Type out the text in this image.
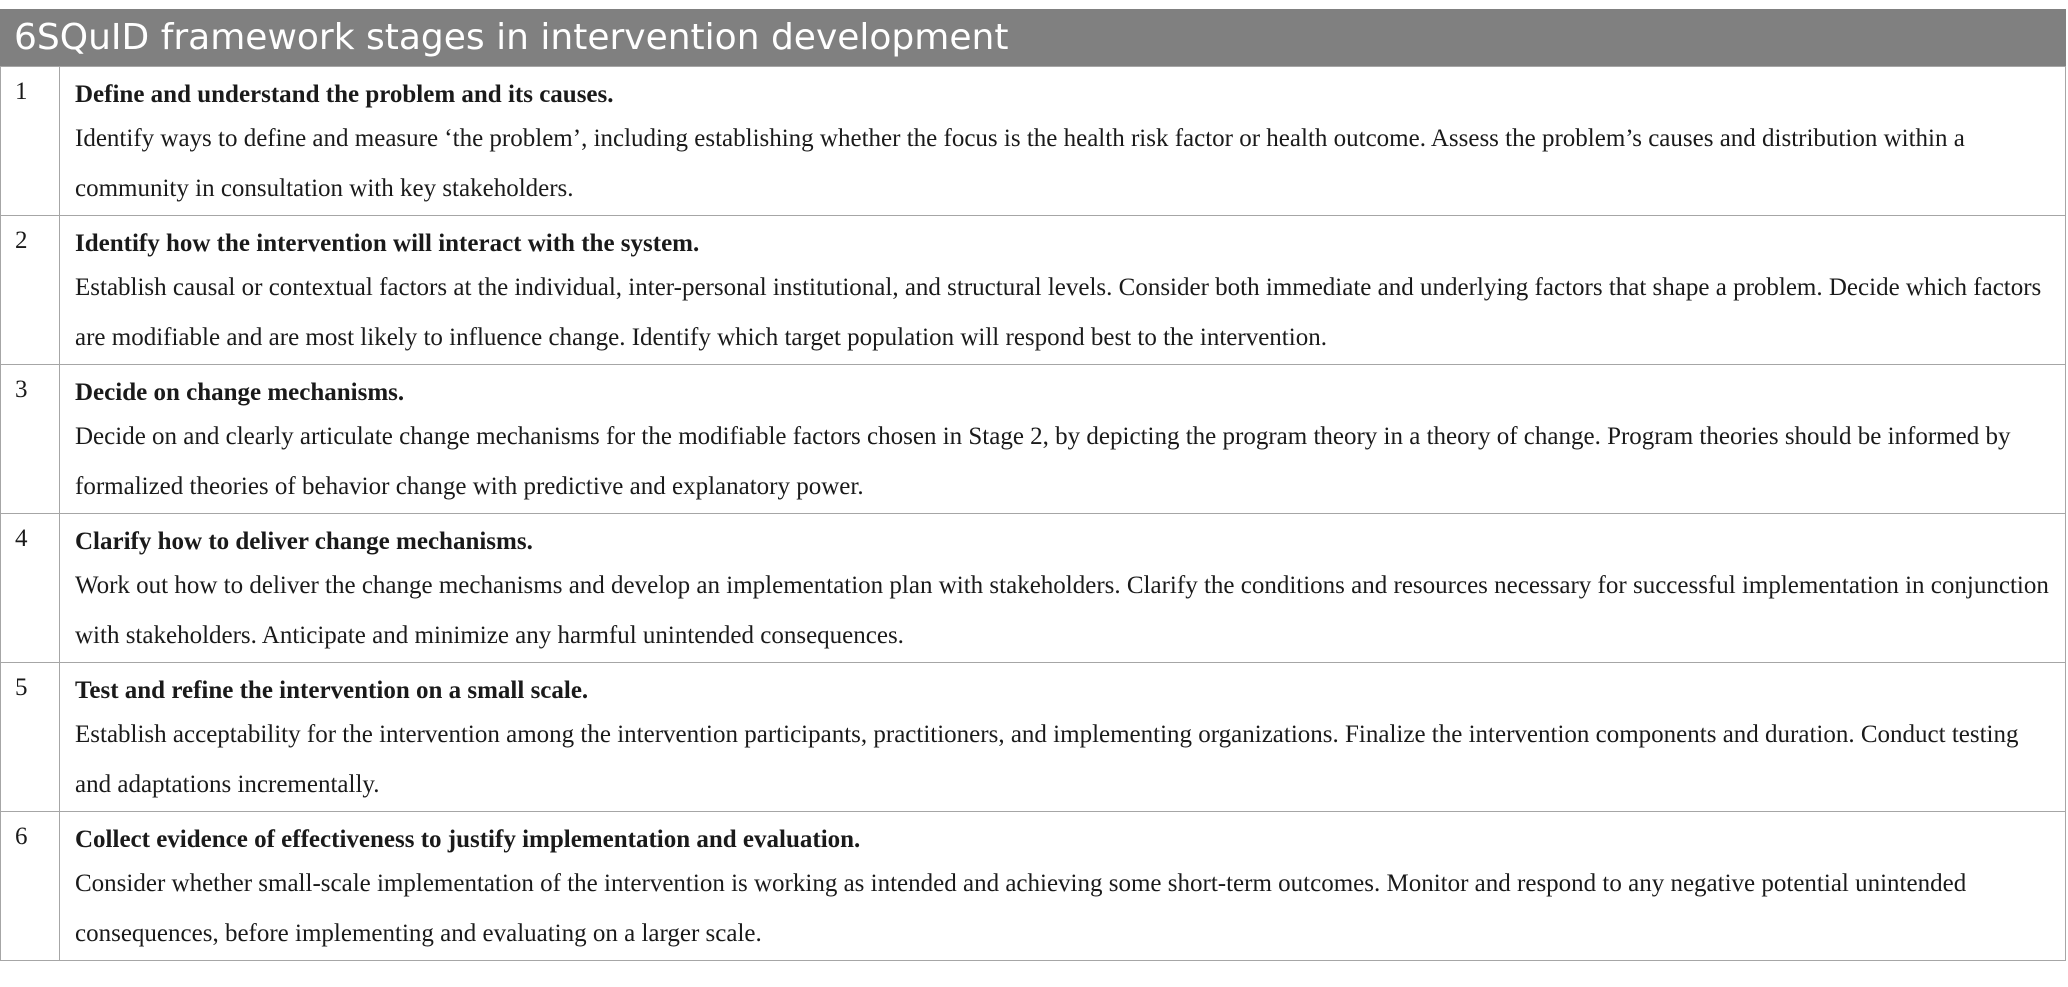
6SQuID framework stages in intervention development
1	Define and understand the problem and its causes.
Identify ways to define and measure ‘the problem’, including establishing whether the focus is the health risk factor or health outcome. Assess the problem’s causes and distribution within a community in consultation with key stakeholders.

2	Identify how the intervention will interact with the system.
Establish causal or contextual factors at the individual, inter-personal institutional, and structural levels. Consider both immediate and underlying factors that shape a problem. Decide which factors are modifiable and are most likely to influence change. Identify which target population will respond best to the intervention.

3	Decide on change mechanisms.
Decide on and clearly articulate change mechanisms for the modifiable factors chosen in Stage 2, by depicting the program theory in a theory of change. Program theories should be informed by formalized theories of behavior change with predictive and explanatory power.

4	Clarify how to deliver change mechanisms.
Work out how to deliver the change mechanisms and develop an implementation plan with stakeholders. Clarify the conditions and resources necessary for successful implementation in conjunction with stakeholders. Anticipate and minimize any harmful unintended consequences.

5	Test and refine the intervention on a small scale.
Establish acceptability for the intervention among the intervention participants, practitioners, and implementing organizations. Finalize the intervention components and duration. Conduct testing and adaptations incrementally.

6	Collect evidence of effectiveness to justify implementation and evaluation.
Consider whether small-scale implementation of the intervention is working as intended and achieving some short-term outcomes. Monitor and respond to any negative potential unintended consequences, before implementing and evaluating on a larger scale.
